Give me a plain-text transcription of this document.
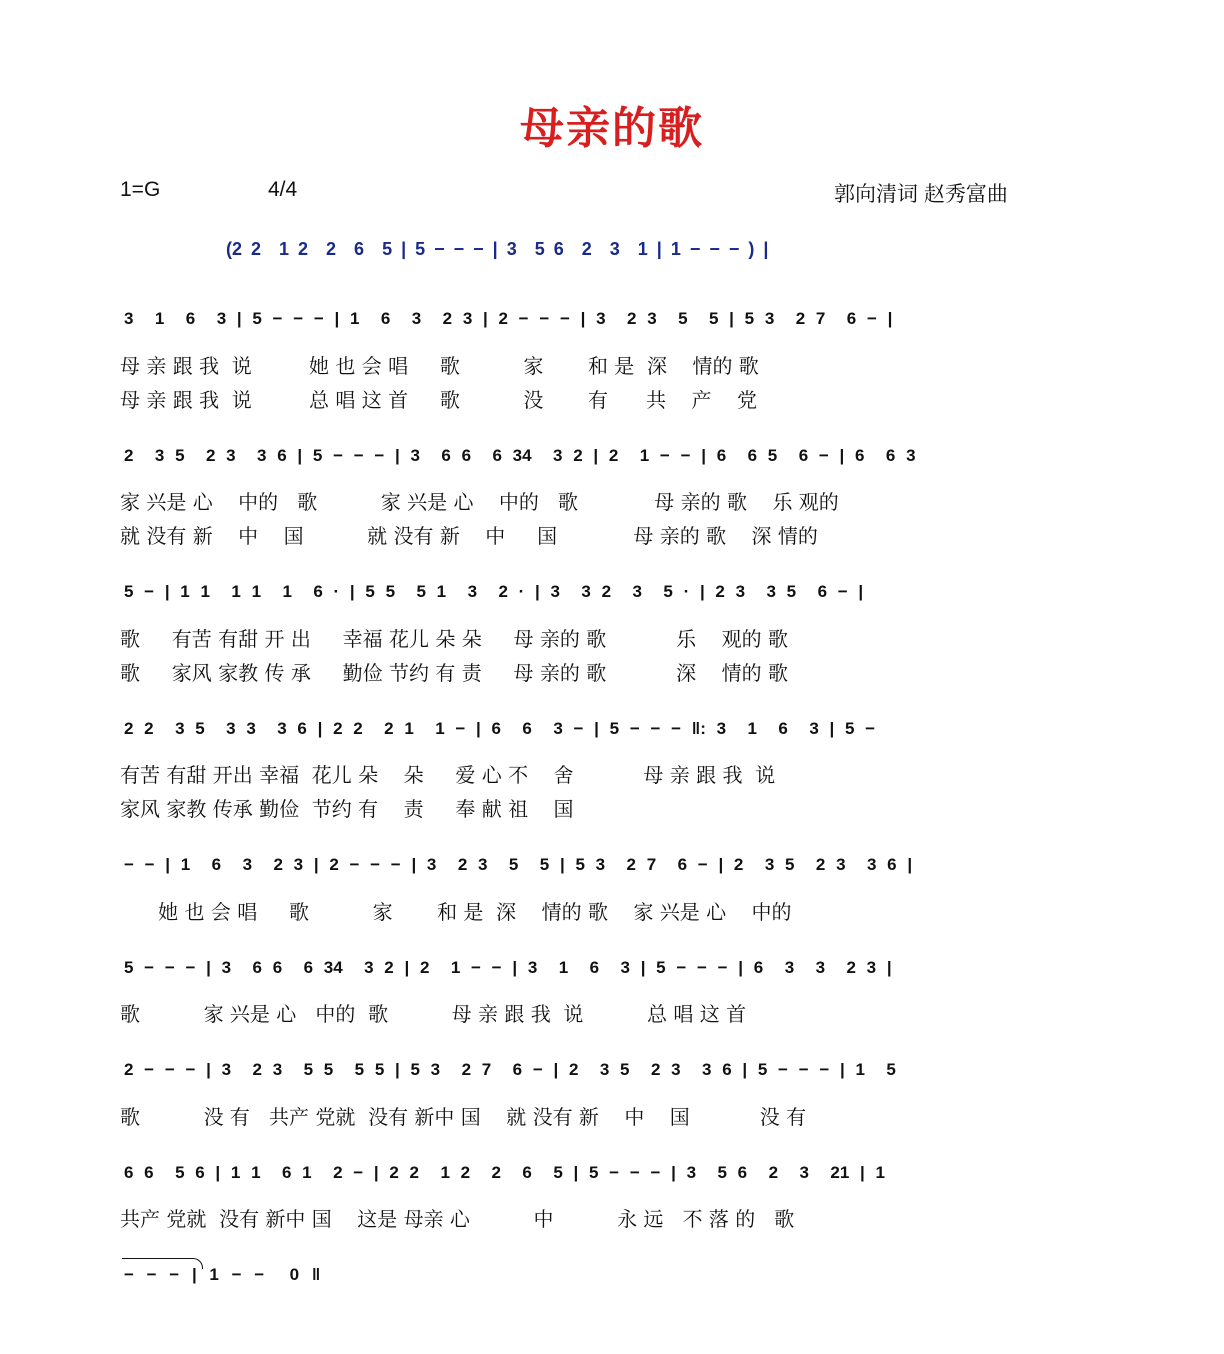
母亲的歌
1=G	4/4	郭向清词 赵秀富曲
(2 2  1 2  2  6  5 | 5 − − − | 3  5 6  2  3  1 | 1 − − − ) |
3  1  6  3 | 5 − − − | 1  6  3  2 3 | 2 − − − | 3  2 3  5  5 | 5 3  2 7  6 − |
母 亲 跟 我  说         她 也 会 唱     歌          家       和 是  深    情的 歌
母 亲 跟 我  说         总 唱 这 首     歌          没       有      共    产    党
2  3 5  2 3  3 6 | 5 − − − | 3  6 6  6 34  3 2 | 2  1 − − | 6  6 5  6 − | 6  6 3
家 兴是 心    中的   歌          家 兴是 心    中的   歌            母 亲的 歌    乐 观的
就 没有 新    中    国          就 没有 新    中     国            母 亲的 歌    深 情的
5 − | 1 1  1 1  1  6 · | 5 5  5 1  3  2 · | 3  3 2  3  5 · | 2 3  3 5  6 − |
歌     有苦 有甜 开 出     幸福 花儿 朵 朵     母 亲的 歌           乐    观的 歌
歌     家风 家教 传 承     勤俭 节约 有 责     母 亲的 歌           深    情的 歌
2 2  3 5  3 3  3 6 | 2 2  2 1  1 − | 6  6  3 − | 5 − − − ‖: 3  1  6  3 | 5 −
有苦 有甜 开出 幸福  花儿 朵    朵     爱 心 不    舍           母 亲 跟 我  说
家风 家教 传承 勤俭  节约 有    责     奉 献 祖    国
− − | 1  6  3  2 3 | 2 − − − | 3  2 3  5  5 | 5 3  2 7  6 − | 2  3 5  2 3  3 6 |
她 也 会 唱     歌          家       和 是  深    情的 歌    家 兴是 心    中的
5 − − − | 3  6 6  6 34  3 2 | 2  1 − − | 3  1  6  3 | 5 − − − | 6  3  3  2 3 |
歌          家 兴是 心   中的  歌          母 亲 跟 我  说          总 唱 这 首
2 − − − | 3  2 3  5 5  5 5 | 5 3  2 7  6 − | 2  3 5  2 3  3 6 | 5 − − − | 1  5
歌          没 有   共产 党就  没有 新中 国    就 没有 新    中    国           没 有
6 6  5 6 | 1 1  6 1  2 − | 2 2  1 2  2  6  5 | 5 − − − | 3  5 6  2  3  21 | 1
共产 党就  没有 新中 国    这是 母亲 心          中          永 远   不 落 的   歌
− − − | 1 − −  0 ‖
